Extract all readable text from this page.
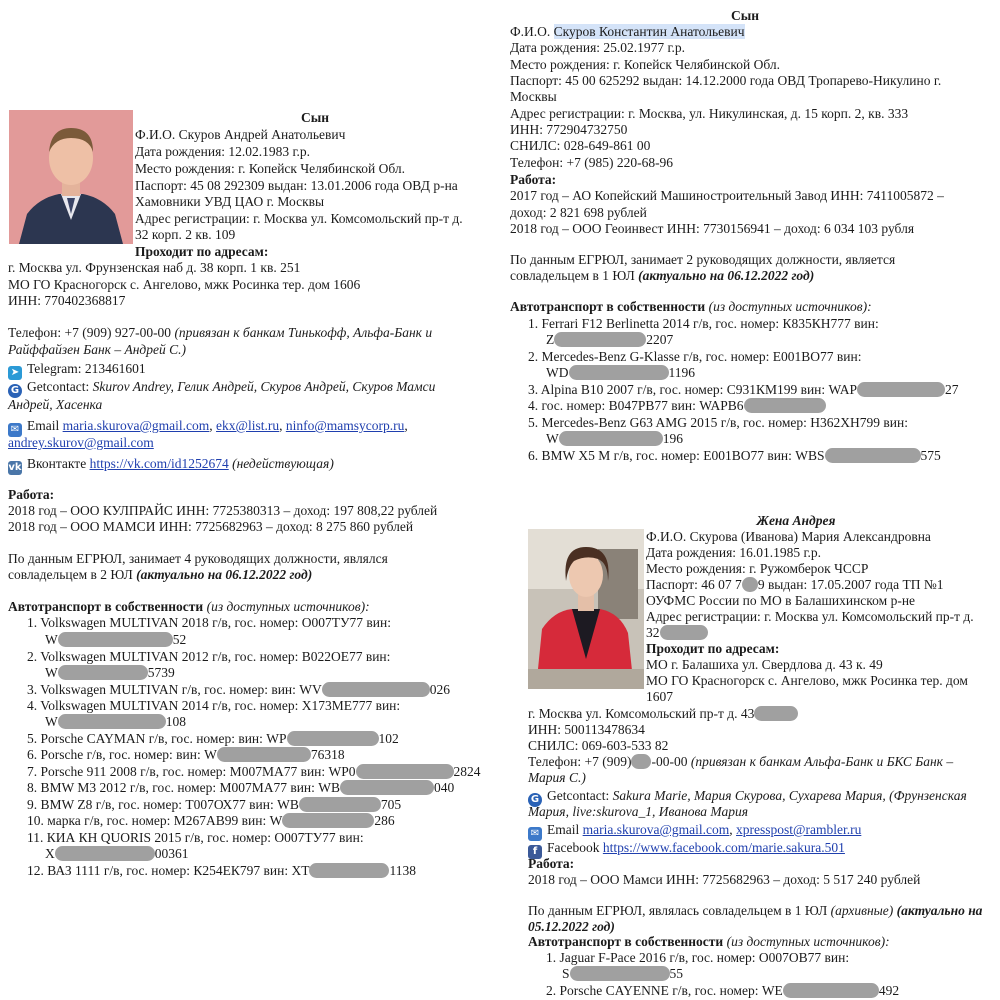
Сын
Ф.И.О. Скуров Андрей Анатольевич
Дата рождения: 12.02.1983 г.р.
Место рождения: г. Копейск Челябинской Обл.
Паспорт: 45 08 292309 выдан: 13.01.2006 года ОВД р-на
Хамовники УВД ЦАО г. Москвы
Адрес регистрации: г. Москва ул. Комсомольский пр-т д.
32 корп. 2 кв. 109
Проходит по адресам:
г. Москва ул. Фрунзенская наб д. 38 корп. 1 кв. 251
МО ГО Красногорск с. Ангелово, мжк Росинка тер. дом 1606
ИНН: 770402368817
Телефон: +7 (909) 927-00-00 (привязан к банкам Тинькофф, Альфа-Банк и
Райффайзен Банк – Андрей С.)
➤ Telegram: 213461601
G Getcontact: Skurov Andrey, Гелик Андрей, Скуров Андрей, Скуров Мамси
Андрей, Хасенка
✉ Email maria.skurova@gmail.com, ekx@list.ru, ninfo@mamsycorp.ru,
andrey.skurov@gmail.com
vk Вконтакте https://vk.com/id1252674 (недействующая)
Работа:
2018 год – ООО КУЛПРАЙС ИНН: 7725380313 – доход: 197 808,22 рублей
2018 год – ООО МАМСИ ИНН: 7725682963 – доход: 8 275 860 рублей
По данным ЕГРЮЛ, занимает 4 руководящих должности, являлся
совладельцем в 2 ЮЛ (актуально на 06.12.2022 год)
Автотранспорт в собственности (из доступных источников):
1. Volkswagen MULTIVAN 2018 г/в, гос. номер: О007ТУ77 вин:
W	52
2. Volkswagen MULTIVAN 2012 г/в, гос. номер: В022ОЕ77 вин:
W	5739
3. Volkswagen MULTIVAN г/в, гос. номер: вин: WV	026
4. Volkswagen MULTIVAN 2014 г/в, гос. номер: Х173МЕ777 вин:
W	108
5. Porsche CAYMAN г/в, гос. номер: вин: WP	102
6. Porsche г/в, гос. номер: вин: W	76318
7. Porsche 911 2008 г/в, гос. номер: М007МА77 вин: WP0	2824
8. BMW M3 2012 г/в, гос. номер: М007МА77 вин: WB	040
9. BMW Z8 г/в, гос. номер: Т007ОХ77 вин: WB	705
10. марка г/в, гос. номер: М267АВ99 вин: W	286
11. КИА КН QUORIS 2015 г/в, гос. номер: О007ТУ77 вин:
X	00361
12. ВАЗ 1111 г/в, гос. номер: К254ЕК797 вин: XT	1138
Сын
Ф.И.О. Скуров Константин Анатольевич
Дата рождения: 25.02.1977 г.р.
Место рождения: г. Копейск Челябинской Обл.
Паспорт: 45 00 625292 выдан: 14.12.2000 года ОВД Тропарево-Никулино г.
Москвы
Адрес регистрации: г. Москва, ул. Никулинская, д. 15 корп. 2, кв. 333
ИНН: 772904732750
СНИЛС: 028-649-861 00
Телефон: +7 (985) 220-68-96
Работа:
2017 год – АО Копейский Машиностроительный Завод ИНН: 7411005872 –
доход: 2 821 698 рублей
2018 год – ООО Геоинвест ИНН: 7730156941 – доход: 6 034 103 рубля
По данным ЕГРЮЛ, занимает 2 руководящих должности, является
совладельцем в 1 ЮЛ (актуально на 06.12.2022 год)
Автотранспорт в собственности (из доступных источников):
1. Ferrari F12 Berlinetta 2014 г/в, гос. номер: К835КН777 вин:
Z	2207
2. Mercedes-Benz G-Klasse г/в, гос. номер: Е001ВО77 вин:
WD	1196
3. Alpina B10 2007 г/в, гос. номер: С931КМ199 вин: WAP	27
4. гос. номер: В047РВ77 вин: WAPB6
5. Mercedes-Benz G63 AMG 2015 г/в, гос. номер: Н362ХН799 вин:
W	196
6. BMW X5 M г/в, гос. номер: Е001ВО77 вин: WBS	575
Жена Андрея
Ф.И.О. Скурова (Иванова) Мария Александровна
Дата рождения: 16.01.1985 г.р.
Место рождения: г. Ружомберок ЧССР
Паспорт: 46 07 7 9 выдан: 17.05.2007 года ТП №1
ОУФМС России по МО в Балашихинском р-не
Адрес регистрации: г. Москва ул. Комсомольский пр-т д.
32
Проходит по адресам:
МО г. Балашиха ул. Свердлова д. 43 к. 49
МО ГО Красногорск с. Ангелово, мжк Росинка тер. дом
1607
г. Москва ул. Комсомольский пр-т д. 43
ИНН: 500113478634
СНИЛС: 069-603-533 82
Телефон: +7 (909) -00-00 (привязан к банкам Альфа-Банк и БКС Банк –
Мария С.)
G Getcontact: Sakura Marie, Мария Скурова, Сухарева Мария, (Фрунзенская
Мария, live:skurova_1, Иванова Мария
✉ Email maria.skurova@gmail.com, xpresspost@rambler.ru
f Facebook https://www.facebook.com/marie.sakura.501
Работа:
2018 год – ООО Мамси ИНН: 7725682963 – доход: 5 517 240 рублей
По данным ЕГРЮЛ, являлась совладельцем в 1 ЮЛ (архивные) (актуально на
05.12.2022 год)
Автотранспорт в собственности (из доступных источников):
1. Jaguar F-Pace 2016 г/в, гос. номер: О007ОВ77 вин:
S	55
2. Porsche CAYENNE г/в, гос. номер: WE	492
